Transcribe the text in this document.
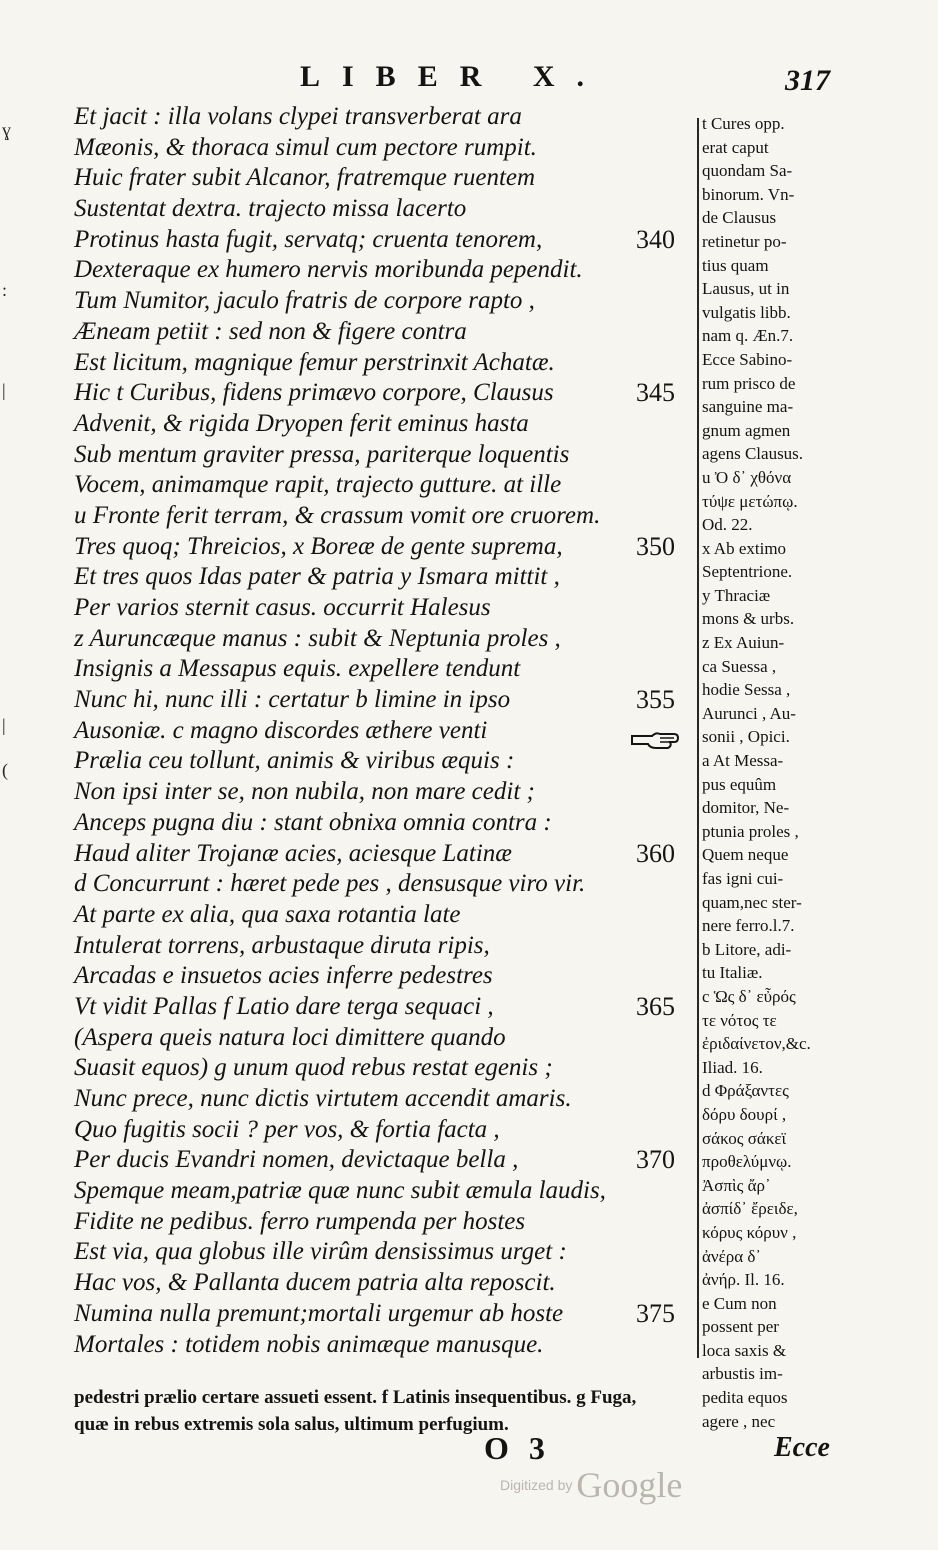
LIBER X.	317
ɣ
:
|
|
(
Et jacit : illa volans clypei transverberat ara
Mæonis, & thoraca simul cum pectore rumpit.
Huic frater subit Alcanor, fratremque ruentem
Sustentat dextra. trajecto missa lacerto
Protinus hasta fugit, servatq; cruenta tenorem,	340
Dexteraque ex humero nervis moribunda pependit.
Tum Numitor, jaculo fratris de corpore rapto ,
Æneam petiit : sed non & figere contra
Est licitum, magnique femur perstrinxit Achatæ.
Hic t Curibus, fidens primævo corpore, Clausus	345
Advenit, & rigida Dryopen ferit eminus hasta
Sub mentum graviter pressa, pariterque loquentis
Vocem, animamque rapit, trajecto gutture. at ille
u Fronte ferit terram, & crassum vomit ore cruorem.
Tres quoq; Threicios, x Boreæ de gente suprema,	350
Et tres quos Idas pater & patria y Ismara mittit ,
Per varios sternit casus. occurrit Halesus
z Auruncæque manus : subit & Neptunia proles ,
Insignis a Messapus equis. expellere tendunt
Nunc hi, nunc illi : certatur b limine in ipso	355
Ausoniæ. c magno discordes æthere venti
Prælia ceu tollunt, animis & viribus æquis :
Non ipsi inter se, non nubila, non mare cedit ;
Anceps pugna diu : stant obnixa omnia contra :
Haud aliter Trojanæ acies, aciesque Latinæ	360
d Concurrunt : hæret pede pes , densusque viro vir.
At parte ex alia, qua saxa rotantia late
Intulerat torrens, arbustaque diruta ripis,
Arcadas e insuetos acies inferre pedestres
Vt vidit Pallas f Latio dare terga sequaci ,	365
(Aspera queis natura loci dimittere quando
Suasit equos) g unum quod rebus restat egenis ;
Nunc prece, nunc dictis virtutem accendit amaris.
Quo fugitis socii ? per vos, & fortia facta ,
Per ducis Evandri nomen, devictaque bella ,	370
Spemque meam,patriæ quæ nunc subit æmula laudis,
Fidite ne pedibus. ferro rumpenda per hostes
Est via, qua globus ille virûm densissimus urget :
Hac vos, & Pallanta ducem patria alta reposcit.
Numina nulla premunt;mortali urgemur ab hoste	375
Mortales : totidem nobis animæque manusque.
t Cures opp.
erat caput
quondam Sa-
binorum. Vn-
de Clausus
retinetur po-
tius quam
Lausus, ut in
vulgatis libb.
nam q. Æn.7.
Ecce Sabino-
rum prisco de
sanguine ma-
gnum agmen
agens Clausus.
u Ὀ δ᾽ χθόνα
τύψε μετώπῳ.
Od. 22.
x Ab extimo
Septentrione.
y Thraciæ
mons & urbs.
z Ex Auiun-
ca Suessa ,
hodie Sessa ,
Aurunci , Au-
sonii , Opici.
a At Messa-
pus equûm
domitor, Ne-
ptunia proles ,
Quem neque
fas igni cui-
quam,nec ster-
nere ferro.l.7.
b Litore, adi-
tu Italiæ.
c Ὡς δ᾽ εὖρός
τε νότος τε
ἐριδαίνετον,&c.
Iliad. 16.
d Φράξαντες
δόρυ δουρί ,
σάκος σάκεϊ
προθελύμνῳ.
Ἀσπὶς ἄρ᾽
ἀσπίδ᾽ ἔρειδε,
κόρυς κόρυν ,
ἀνέρα δ᾽
ἀνήρ. Il. 16.
e Cum non
possent per
loca saxis &
arbustis im-
pedita equos
agere , nec
pedestri prælio certare assueti essent. f Latinis insequentibus. g Fuga,
quæ in rebus extremis sola salus, ultimum perfugium.
O 3	Ecce
Digitized by Google
